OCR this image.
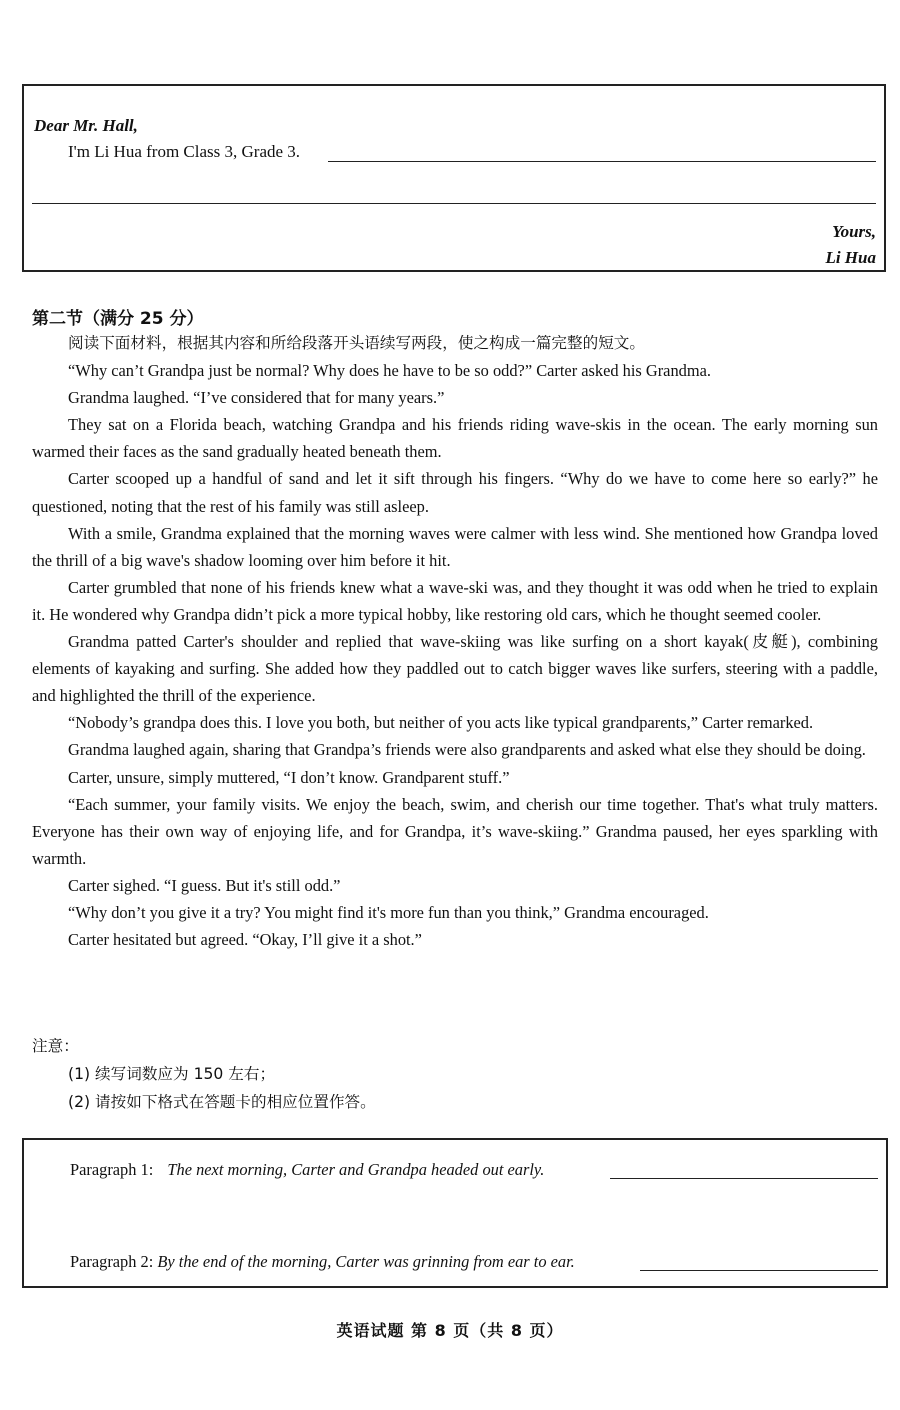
Dear Mr. Hall,
I'm Li Hua from Class 3, Grade 3.
Yours,
Li Hua
第二节（满分 25 分）

阅读下面材料，根据其内容和所给段落开头语续写两段，使之构成一篇完整的短文。

“Why can’t Grandpa just be normal? Why does he have to be so odd?” Carter asked his Grandma.

Grandma laughed. “I’ve considered that for many years.”

They sat on a Florida beach, watching Grandpa and his friends riding wave-skis in the ocean. The early morning sun warmed their faces as the sand gradually heated beneath them.

Carter scooped up a handful of sand and let it sift through his fingers. “Why do we have to come here so early?” he questioned, noting that the rest of his family was still asleep.

With a smile, Grandma explained that the morning waves were calmer with less wind. She mentioned how Grandpa loved the thrill of a big wave's shadow looming over him before it hit.

Carter grumbled that none of his friends knew what a wave-ski was, and they thought it was odd when he tried to explain it. He wondered why Grandpa didn’t pick a more typical hobby, like restoring old cars, which he thought seemed cooler.

Grandma patted Carter's shoulder and replied that wave-skiing was like surfing on a short kayak(皮艇), combining elements of kayaking and surfing. She added how they paddled out to catch bigger waves like surfers, steering with a paddle, and highlighted the thrill of the experience.

“Nobody’s grandpa does this. I love you both, but neither of you acts like typical grandparents,” Carter remarked.

Grandma laughed again, sharing that Grandpa’s friends were also grandparents and asked what else they should be doing.

Carter, unsure, simply muttered, “I don’t know. Grandparent stuff.”

“Each summer, your family visits. We enjoy the beach, swim, and cherish our time together. That's what truly matters. Everyone has their own way of enjoying life, and for Grandpa, it’s wave-skiing.” Grandma paused, her eyes sparkling with warmth.

Carter sighed. “I guess. But it's still odd.”

“Why don’t you give it a try? You might find it's more fun than you think,” Grandma encouraged.

Carter hesitated but agreed. “Okay, I’ll give it a shot.”

注意：
(1) 续写词数应为 150 左右；
(2) 请按如下格式在答题卡的相应位置作答。
Paragraph 1: The next morning, Carter and Grandpa headed out early.
Paragraph 2: By the end of the morning, Carter was grinning from ear to ear.
英语试题 第 8 页（共 8 页）
